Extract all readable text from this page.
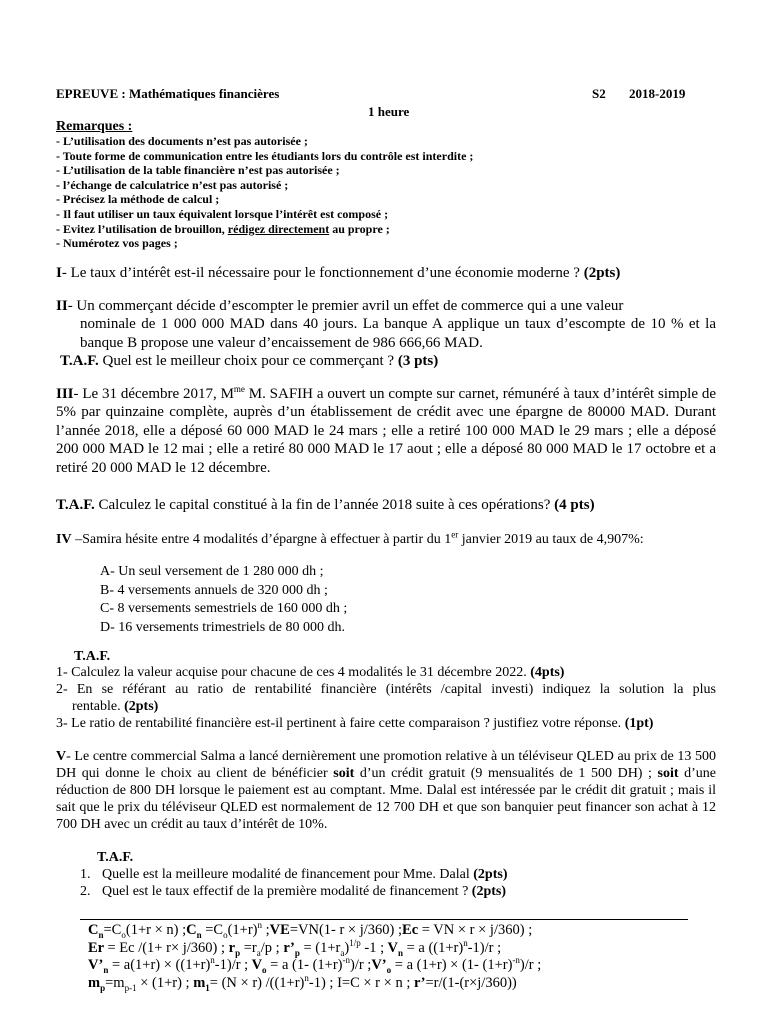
EPREUVE : Mathématiques financières	S2 2018-2019
1 heure
Remarques :
- L’utilisation des documents n’est pas autorisée ;
- Toute forme de communication entre les étudiants lors du contrôle est interdite ;
- L’utilisation de la table financière n’est pas autorisée ;
- l’échange de calculatrice n’est pas autorisé ;
- Précisez la méthode de calcul ;
- Il faut utiliser un taux équivalent lorsque l’intérêt est composé ;
- Evitez l’utilisation de brouillon, rédigez directement au propre ;
- Numérotez vos pages ;
I- Le taux d’intérêt est-il nécessaire pour le fonctionnement d’une économie moderne ? (2pts)
II- Un commerçant décide d’escompter le premier avril un effet de commerce qui a une valeur
nominale de 1 000 000 MAD dans 40 jours. La banque A applique un taux d’escompte de 10 % et la banque B propose une valeur d’encaissement de 986 666,66 MAD.
T.A.F. Quel est le meilleur choix pour ce commerçant ? (3 pts)
III- Le 31 décembre 2017, $M^{me}$ M. SAFIH a ouvert un compte sur carnet, rémunéré à taux d’intérêt simple de 5% par quinzaine complète, auprès d’un établissement de crédit avec une épargne de 80000 MAD. Durant l’année 2018, elle a déposé 60 000 MAD le 24 mars ; elle a retiré 100 000 MAD le 29 mars ; elle a déposé 200 000 MAD le 12 mai ; elle a retiré 80 000 MAD le 17 aout ; elle a déposé 80 000 MAD le 17 octobre et a retiré 20 000 MAD le 12 décembre.
T.A.F. Calculez le capital constitué à la fin de l’année 2018 suite à ces opérations? (4 pts)
IV –Samira hésite entre 4 modalités d’épargne à effectuer à partir du 1er janvier 2019 au taux de 4,907%:
A- Un seul versement de 1 280 000 dh ;
B- 4 versements annuels de 320 000 dh ;
C- 8 versements semestriels de 160 000 dh ;
D- 16 versements trimestriels de 80 000 dh.
T.A.F.
1- Calculez la valeur acquise pour chacune de ces 4 modalités le 31 décembre 2022. (4pts)
2- En se référant au ratio de rentabilité financière (intérêts /capital investi) indiquez la solution la plus
rentable. (2pts)
3- Le ratio de rentabilité financière est-il pertinent à faire cette comparaison ? justifiez votre réponse. (1pt)
V- Le centre commercial Salma a lancé dernièrement une promotion relative à un téléviseur QLED au prix de 13 500 DH qui donne le choix au client de bénéficier soit d’un crédit gratuit (9 mensualités de 1 500 DH) ; soit d’une réduction de 800 DH lorsque le paiement est au comptant. Mme. Dalal est intéressée par le crédit dit gratuit ; mais il sait que le prix du téléviseur QLED est normalement de 12 700 DH et que son banquier peut financer son achat à 12 700 DH avec un crédit au taux d’intérêt de 10%.
T.A.F.
1. Quelle est la meilleure modalité de financement pour Mme. Dalal (2pts)
2. Quel est le taux effectif de la première modalité de financement ? (2pts)
$C_n=C_o(1+r \times n)$ $;C_n =C_o(1+r)^n$ ;VE=VN(1- r × j/360) ;Ec = VN × r × j/360) ;
Er = Ec /(1+ r× j/360) ; $r_p =r_a/p$ ; $r’_p = (1+r_a)^{1/p}$ -1 ; $V_n = a$ $((1+r)^n-1)/r$ ;
$V’_n = a(1+r) \times ((1+r)^n-1)/r$ ; $V_o = a$ (1- $(1+r)^{-n})/r$ $;V’_o = a$ (1+r) × (1- $(1+r)^{-n})/r$ ;
$m_p=m_{p-1} \times (1+r)$ ; $m_1= (N \times r)$ $/((1+r)^n-1)$ ; I=C × r × n ; r’=r/(1-(r×j/360))
